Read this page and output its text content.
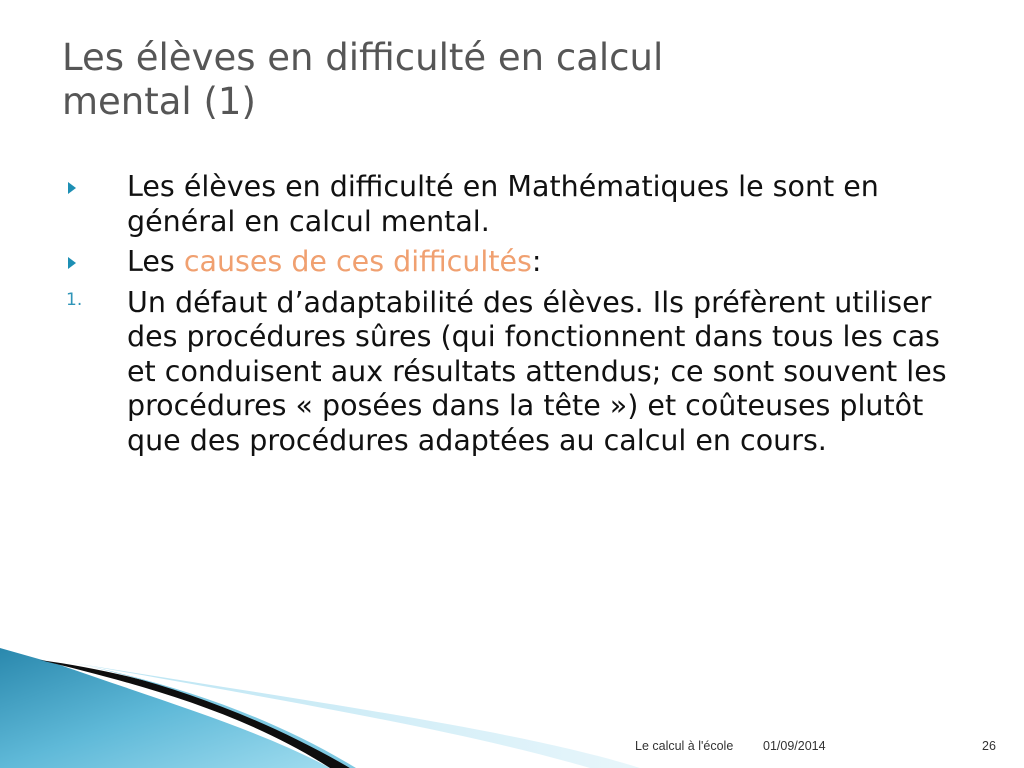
Les élèves en difficulté en calcul
mental (1)
Les élèves en difficulté en Mathématiques le sont en général en calcul mental.
Les causes de ces difficultés:
1. Un défaut d’adaptabilité des élèves. Ils préfèrent utiliser des procédures sûres (qui fonctionnent dans tous les cas et conduisent aux résultats attendus; ce sont souvent les procédures « posées dans la tête ») et coûteuses plutôt que des procédures adaptées au calcul en cours.
Le calcul à l'école 01/09/2014	26
